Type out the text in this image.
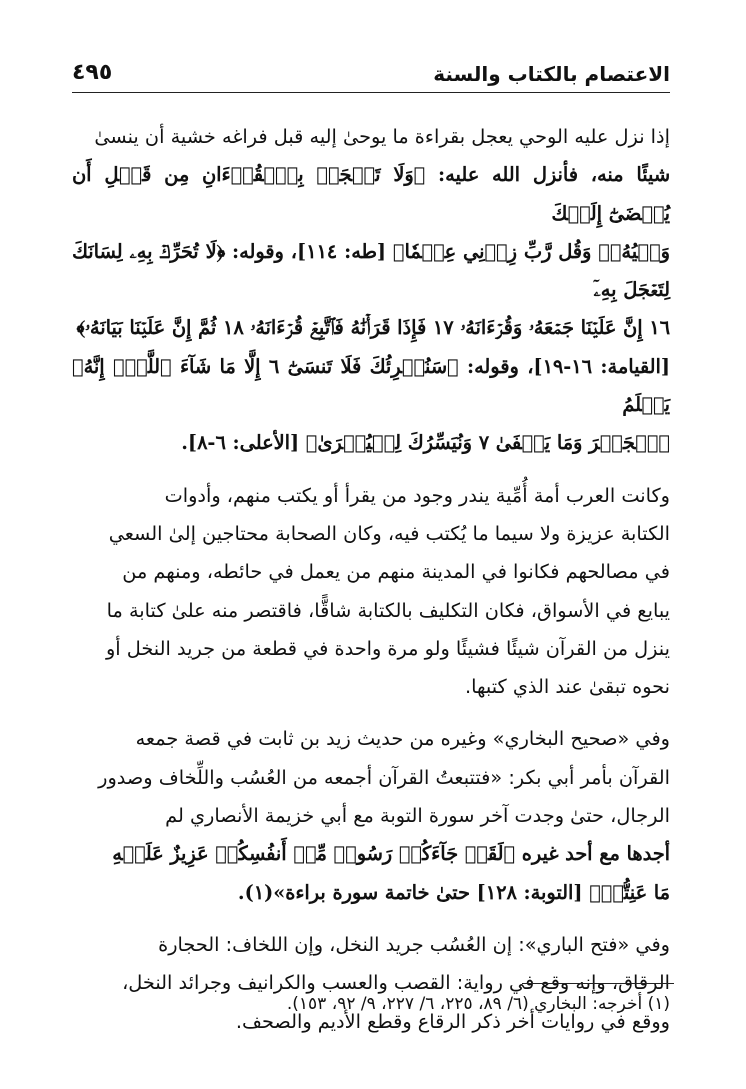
الاعتصام بالكتاب والسنة
٤٩٥

إذا نزل عليه الوحي يعجل بقراءة ما يوحىٰ إليه قبل فراغه خشية أن ينسىٰ
شيئًا منه، فأنزل الله عليه: ﴿وَلَا تَعۡجَلۡ بِٱلۡقُرۡءَانِ مِن قَبۡلِ أَن يُقۡضَىٰٓ إِلَيۡكَ
وَحۡيُهُۥۖ وَقُل رَّبِّ زِدۡنِي عِلۡمٗا﴾ [طه: ١١٤]، وقوله: ﴿لَا تُحَرِّكۡ بِهِۦ لِسَانَكَ لِتَعۡجَلَ بِهِۦٓ
١٦ إِنَّ عَلَيۡنَا جَمۡعَهُۥ وَقُرۡءَانَهُۥ ١٧ فَإِذَا قَرَأۡنَٰهُ فَٱتَّبِعۡ قُرۡءَانَهُۥ ١٨ ثُمَّ إِنَّ عَلَيۡنَا بَيَانَهُۥ﴾
[القيامة: ١٦-١٩]، وقوله: ﴿سَنُقۡرِئُكَ فَلَا تَنسَىٰٓ ٦ إِلَّا مَا شَآءَ ٱللَّهُۚ إِنَّهُۥ يَعۡلَمُ
ٱلۡجَهۡرَ وَمَا يَخۡفَىٰ ٧ وَنُيَسِّرُكَ لِلۡيُسۡرَىٰ﴾ [الأعلى: ٦-٨].

وكانت العرب أمة أُمِّية يندر وجود من يقرأ أو يكتب منهم، وأدوات
الكتابة عزيزة ولا سيما ما يُكتب فيه، وكان الصحابة محتاجين إلىٰ السعي
في مصالحهم فكانوا في المدينة منهم من يعمل في حائطه، ومنهم من
يبايع في الأسواق، فكان التكليف بالكتابة شاقًّا، فاقتصر منه علىٰ كتابة ما
ينزل من القرآن شيئًا فشيئًا ولو مرة واحدة في قطعة من جريد النخل أو
نحوه تبقىٰ عند الذي كتبها.

وفي «صحيح البخاري» وغيره من حديث زيد بن ثابت في قصة جمعه
القرآن بأمر أبي بكر: «فتتبعتُ القرآن أجمعه من العُسُب واللِّخاف وصدور
الرجال، حتىٰ وجدت آخر سورة التوبة مع أبي خزيمة الأنصاري لم
أجدها مع أحد غيره ﴿لَقَدۡ جَآءَكُمۡ رَسُولٞ مِّنۡ أَنفُسِكُمۡ عَزِيزٌ عَلَيۡهِ
مَا عَنِتُّمۡ﴾ [التوبة: ١٢٨] حتىٰ خاتمة سورة براءة»(١).

وفي «فتح الباري»: إن العُسُب جريد النخل، وإن اللخاف: الحجارة
الرقاق، وإنه وقع في رواية: القصب والعسب والكرانيف وجرائد النخل،
ووقع في روايات أخر ذكر الرقاع وقطع الأديم والصحف.

(١) أخرجه: البخاري (٦/ ٨٩، ٢٢٥، ٦/ ٢٢٧، ٩/ ٩٢، ١٥٣).
